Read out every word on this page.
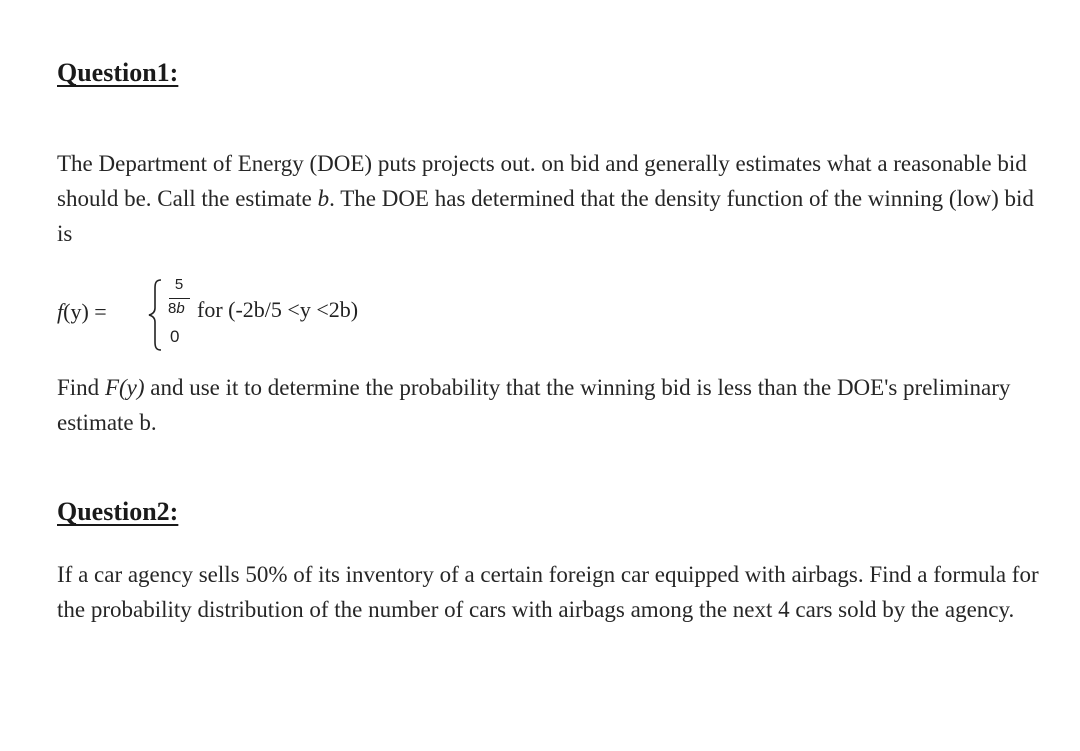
Question1:

The Department of Energy (DOE) puts projects out. on bid and generally estimates what a reasonable bid should be. Call the estimate b. The DOE has determined that the density function of the winning (low) bid is

f(y) =
5
8b for (-2b/5 <y <2b)
0

Find F(y) and use it to determine the probability that the winning bid is less than the DOE's preliminary estimate b.

Question2:

If a car agency sells 50% of its inventory of a certain foreign car equipped with airbags. Find a formula for the probability distribution of the number of cars with airbags among the next 4 cars sold by the agency.
